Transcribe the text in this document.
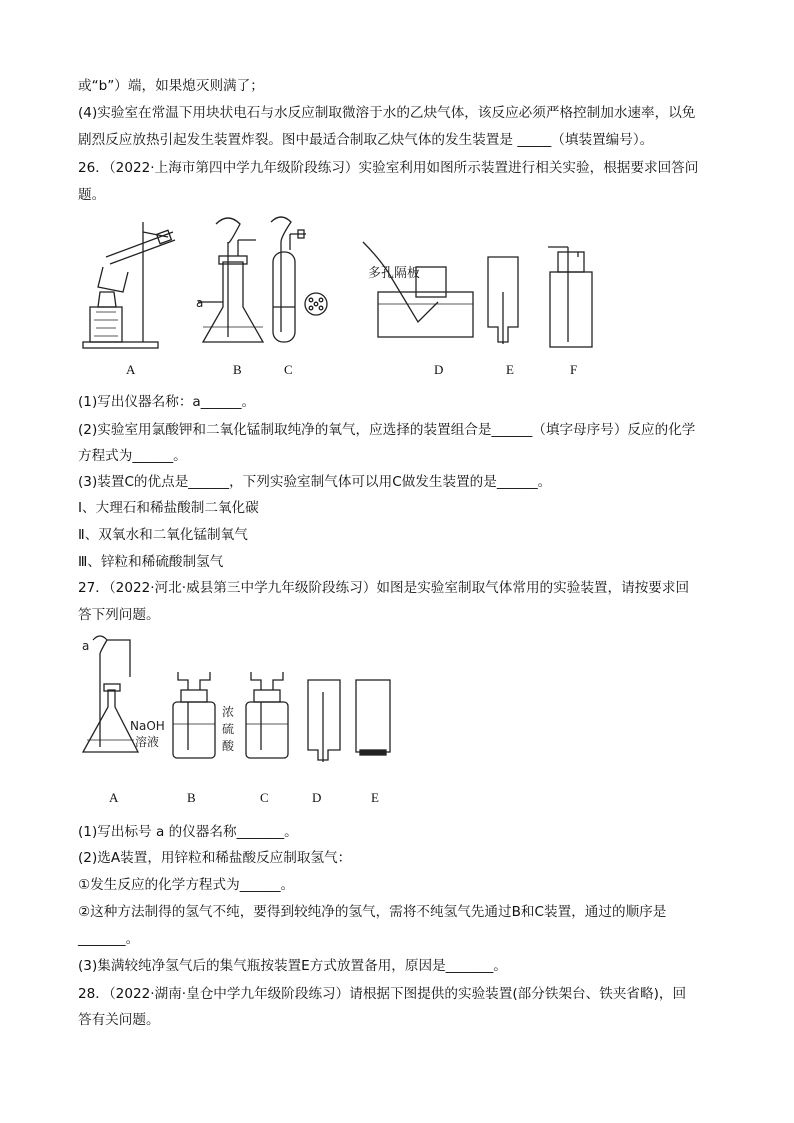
或“b”）端，如果熄灭则满了；
(4)实验室在常温下用块状电石与水反应制取微溶于水的乙炔气体，该反应必须严格控制加水速率，以免
剧烈反应放热引起发生装置炸裂。图中最适合制取乙炔气体的发生装置是 _____（填装置编号）。
26．（2022·上海市第四中学九年级阶段练习）实验室利用如图所示装置进行相关实验，根据要求回答问
题。
多孔隔板
a
A	B	C	D	E	F
(1)写出仪器名称：a______。
(2)实验室用氯酸钾和二氧化锰制取纯净的氧气，应选择的装置组合是______（填字母序号）反应的化学
方程式为______。
(3)装置C的优点是______，下列实验室制气体可以用C做发生装置的是______。
Ⅰ、大理石和稀盐酸制二氧化碳
Ⅱ、双氧水和二氧化锰制氧气
Ⅲ、锌粒和稀硫酸制氢气
27．（2022·河北·威县第三中学九年级阶段练习）如图是实验室制取气体常用的实验装置，请按要求回
答下列问题。
a
NaOH
溶液
浓
硫
酸
A	B	C	D	E
(1)写出标号 a 的仪器名称_______。
(2)选A装置，用锌粒和稀盐酸反应制取氢气：
①发生反应的化学方程式为______。
②这种方法制得的氢气不纯，要得到较纯净的氢气，需将不纯氢气先通过B和C装置，通过的顺序是
_______。
(3)集满较纯净氢气后的集气瓶按装置E方式放置备用，原因是_______。
28．（2022·湖南·皇仓中学九年级阶段练习）请根据下图提供的实验装置(部分铁架台、铁夹省略)，回
答有关问题。
